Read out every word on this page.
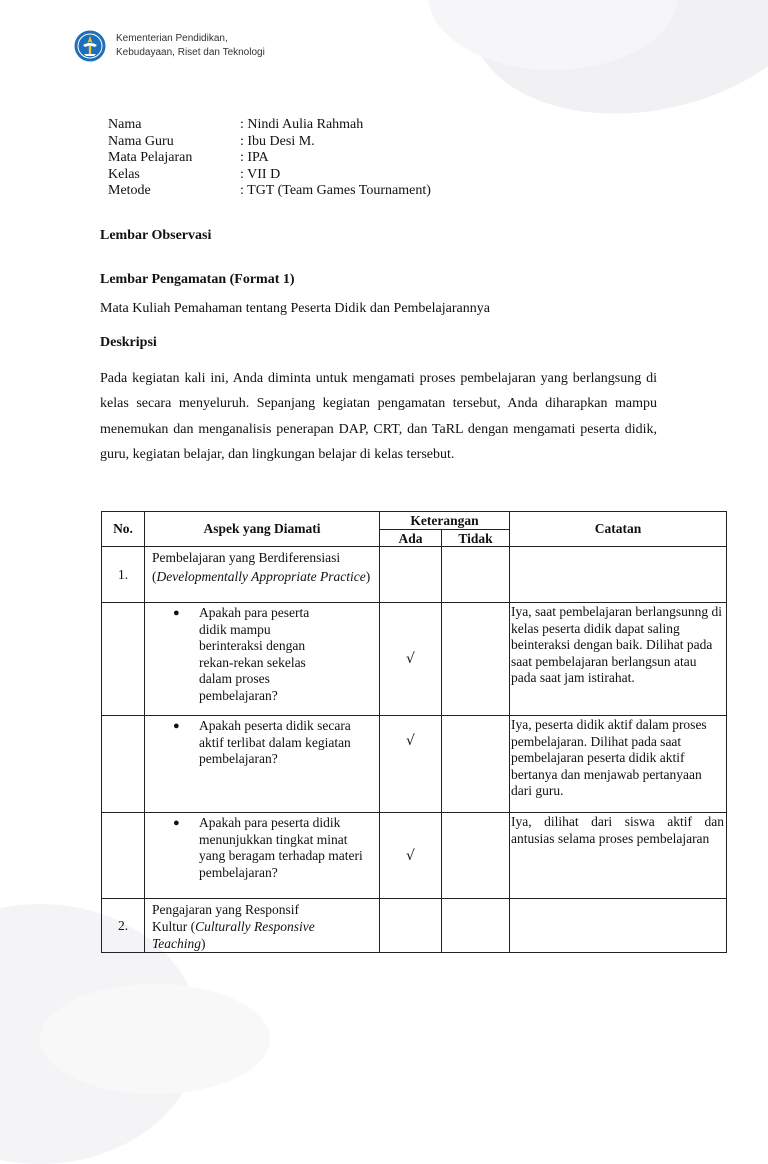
Kementerian Pendidikan,
Kebudayaan, Riset dan Teknologi
Nama	: Nindi Aulia Rahmah
Nama Guru	: Ibu Desi M.
Mata Pelajaran	: IPA
Kelas	: VII D
Metode	: TGT (Team Games Tournament)
Lembar Observasi
Lembar Pengamatan (Format 1)
Mata Kuliah Pemahaman tentang Peserta Didik dan Pembelajarannya
Deskripsi
Pada kegiatan kali ini, Anda diminta untuk mengamati proses pembelajaran yang berlangsung di kelas secara menyeluruh. Sepanjang kegiatan pengamatan tersebut, Anda diharapkan mampu menemukan dan menganalisis penerapan DAP, CRT, dan TaRL dengan mengamati peserta didik, guru, kegiatan belajar, dan lingkungan belajar di kelas tersebut.
No.	Aspek yang Diamati	Keterangan		Catatan
		Ada	Tidak	
1.	Pembelajaran yang Berdiferensiasi (Developmentally Appropriate Practice)			

	● Apakah para peserta didik mampu berinteraksi dengan rekan-rekan sekelas dalam proses pembelajaran?	√		Iya, saat pembelajaran berlangsunng di kelas peserta didik dapat saling beinteraksi dengan baik. Dilihat pada saat pembelajaran berlangsun atau pada saat jam istirahat.

	● Apakah peserta didik secara aktif terlibat dalam kegiatan pembelajaran?	√		Iya, peserta didik aktif dalam proses pembelajaran. Dilihat pada saat pembelajaran peserta didik aktif bertanya dan menjawab pertanyaan dari guru.

	● Apakah para peserta didik menunjukkan tingkat minat yang beragam terhadap materi pembelajaran?	√		Iya, dilihat dari siswa aktif dan antusias selama proses pembelajaran
2.	Pengajaran yang Responsif Kultur (Culturally Responsive Teaching)			
